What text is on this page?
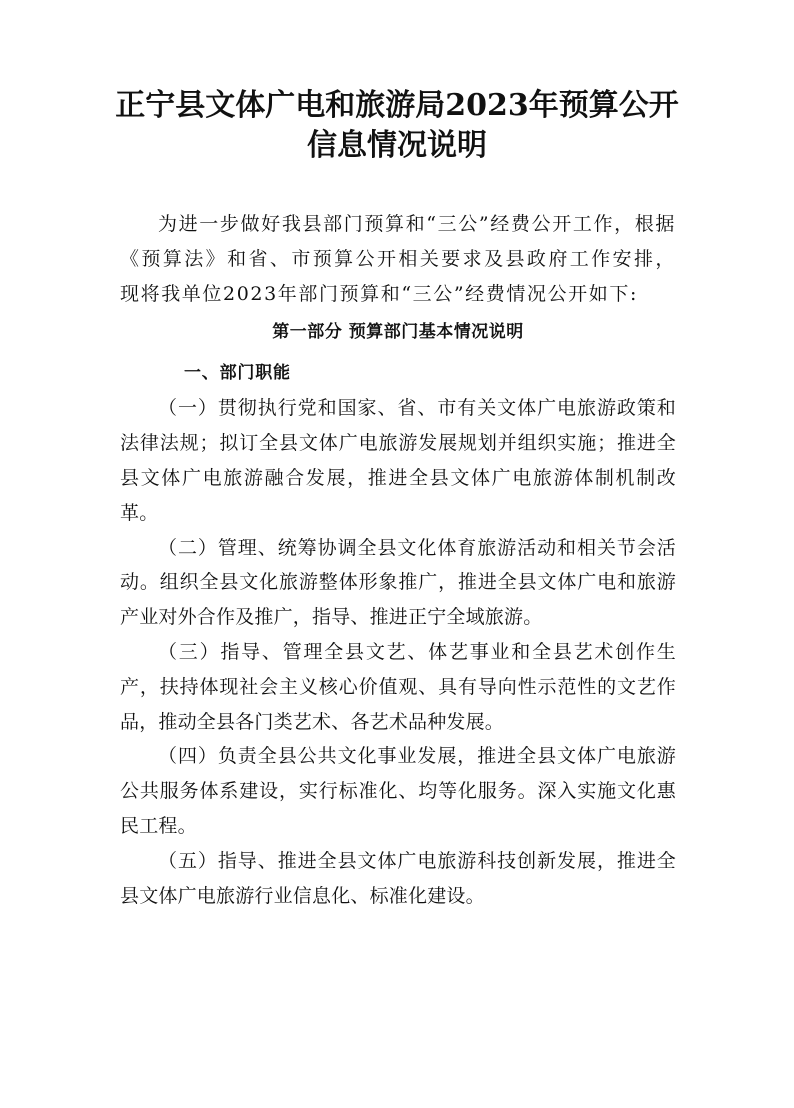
正宁县文体广电和旅游局2023年预算公开
信息情况说明

为进一步做好我县部门预算和“三公”经费公开工作，根据《预算法》和省、市预算公开相关要求及县政府工作安排，现将我单位2023年部门预算和“三公”经费情况公开如下:

第一部分 预算部门基本情况说明
一、部门职能

（一）贯彻执行党和国家、省、市有关文体广电旅游政策和法律法规；拟订全县文体广电旅游发展规划并组织实施；推进全县文体广电旅游融合发展，推进全县文体广电旅游体制机制改革。

（二）管理、统筹协调全县文化体育旅游活动和相关节会活动。组织全县文化旅游整体形象推广，推进全县文体广电和旅游产业对外合作及推广，指导、推进正宁全域旅游。

（三）指导、管理全县文艺、体艺事业和全县艺术创作生产，扶持体现社会主义核心价值观、具有导向性示范性的文艺作品，推动全县各门类艺术、各艺术品种发展。

（四）负责全县公共文化事业发展，推进全县文体广电旅游公共服务体系建设，实行标准化、均等化服务。深入实施文化惠民工程。

（五）指导、推进全县文体广电旅游科技创新发展，推进全县文体广电旅游行业信息化、标准化建设。
